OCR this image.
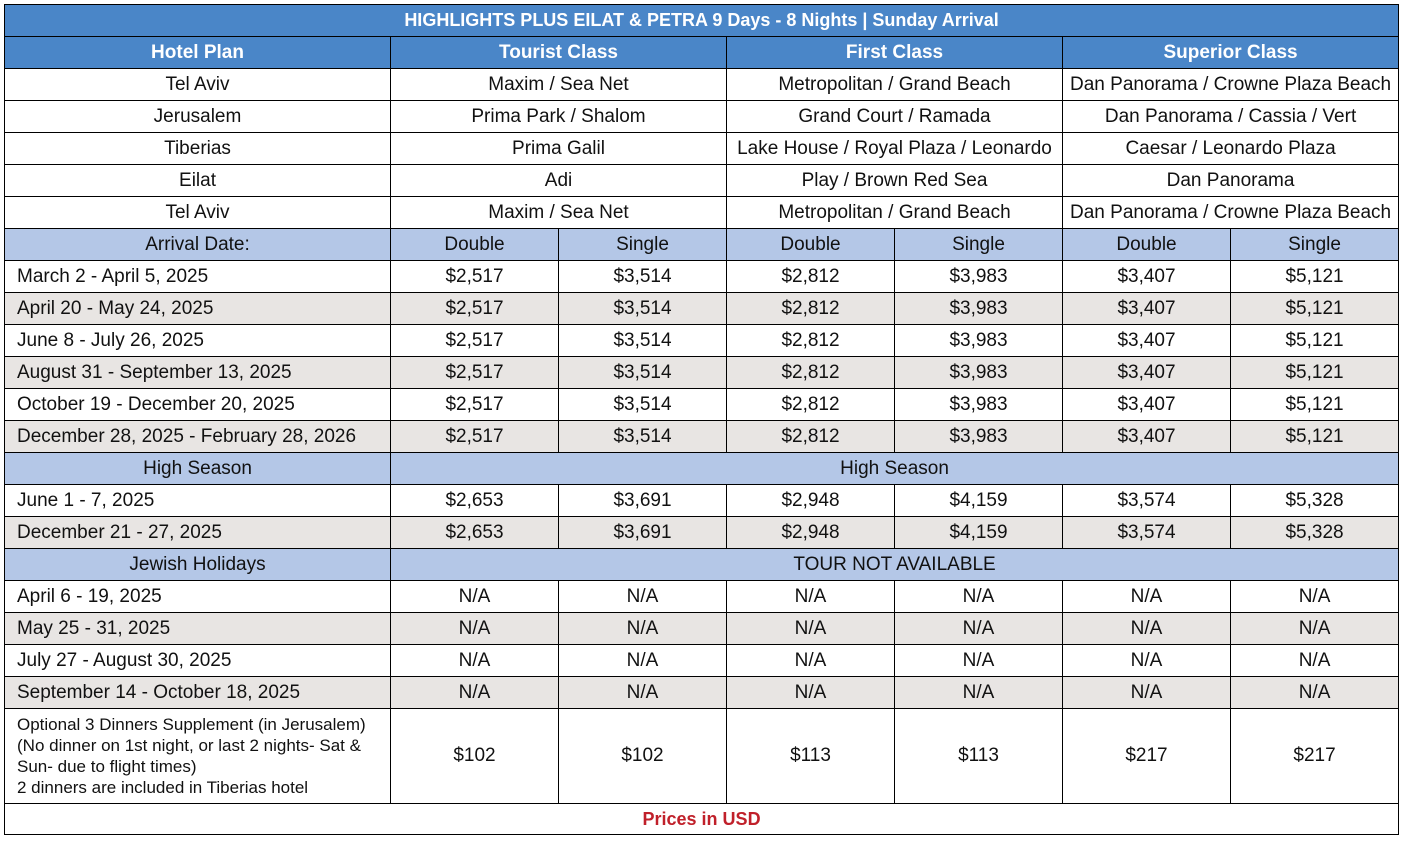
HIGHLIGHTS PLUS EILAT & PETRA 9 Days - 8 Nights | Sunday Arrival						
Hotel Plan	Tourist Class		First Class		Superior Class	
Tel Aviv	Maxim / Sea Net		Metropolitan / Grand Beach		Dan Panorama / Crowne Plaza Beach	
Jerusalem	Prima Park / Shalom		Grand Court / Ramada		Dan Panorama / Cassia / Vert	
Tiberias	Prima Galil		Lake House / Royal Plaza / Leonardo		Caesar / Leonardo Plaza	
Eilat	Adi		Play / Brown Red Sea		Dan Panorama	
Tel Aviv	Maxim / Sea Net		Metropolitan / Grand Beach		Dan Panorama / Crowne Plaza Beach	
Arrival Date:	Double	Single	Double	Single	Double	Single
March 2 - April 5, 2025	$2,517	$3,514	$2,812	$3,983	$3,407	$5,121
April 20 - May 24, 2025	$2,517	$3,514	$2,812	$3,983	$3,407	$5,121
June 8 - July 26, 2025	$2,517	$3,514	$2,812	$3,983	$3,407	$5,121
August 31 - September 13, 2025	$2,517	$3,514	$2,812	$3,983	$3,407	$5,121
October 19 - December 20, 2025	$2,517	$3,514	$2,812	$3,983	$3,407	$5,121
December 28, 2025 - February 28, 2026	$2,517	$3,514	$2,812	$3,983	$3,407	$5,121
High Season	High Season					
June 1 - 7, 2025	$2,653	$3,691	$2,948	$4,159	$3,574	$5,328
December 21 - 27, 2025	$2,653	$3,691	$2,948	$4,159	$3,574	$5,328
Jewish Holidays	TOUR NOT AVAILABLE					
April 6 - 19, 2025	N/A	N/A	N/A	N/A	N/A	N/A
May 25 - 31, 2025	N/A	N/A	N/A	N/A	N/A	N/A
July 27 - August 30, 2025	N/A	N/A	N/A	N/A	N/A	N/A
September 14 - October 18, 2025	N/A	N/A	N/A	N/A	N/A	N/A

Optional 3 Dinners Supplement (in Jerusalem)
(No dinner on 1st night, or last 2 nights- Sat &
Sun- due to flight times)
2 dinners are included in Tiberias hotel	$102	$102	$113	$113	$217	$217
Prices in USD						
